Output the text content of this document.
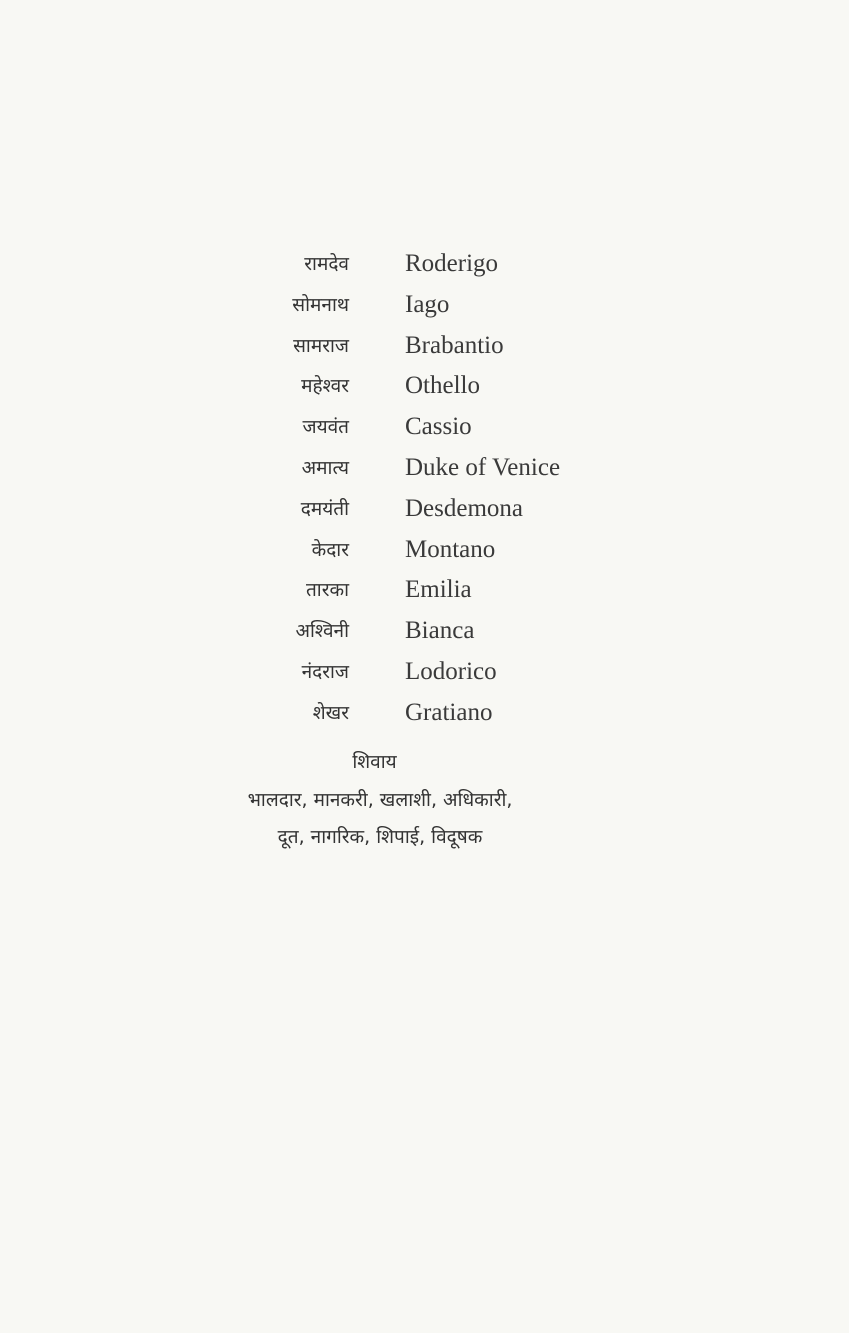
रामदेव Roderigo
सोमनाथ Iago
सामराज Brabantio
महेश्वर Othello
जयवंत Cassio
अमात्य Duke of Venice
दमयंती Desdemona
केदार Montano
तारका Emilia
अश्विनी Bianca
नंदराज Lodorico
शेखर Gratiano
शिवाय
भालदार, मानकरी, खलाशी, अधिकारी,
दूत, नागरिक, शिपाई, विदूषक
